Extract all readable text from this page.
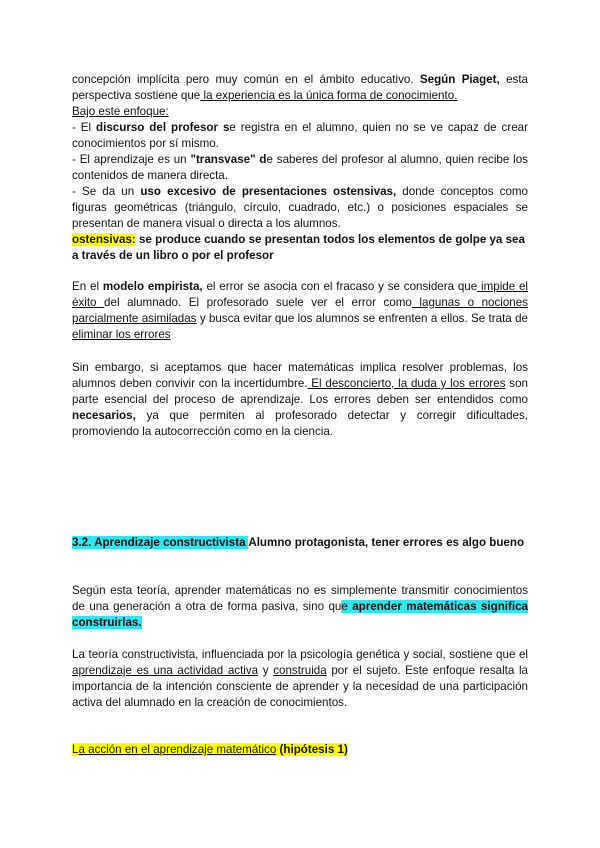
concepción implícita pero muy común en el ámbito educativo. Según Piaget, esta perspectiva sostiene que la experiencia es la única forma de conocimiento.

Bajo este enfoque:

- El discurso del profesor se registra en el alumno, quien no se ve capaz de crear conocimientos por sí mismo.

- El aprendizaje es un "transvase" de saberes del profesor al alumno, quien recibe los contenidos de manera directa.

- Se da un uso excesivo de presentaciones ostensivas, donde conceptos como figuras geométricas (triángulo, círculo, cuadrado, etc.) o posiciones espaciales se presentan de manera visual o directa a los alumnos.

ostensivas: se produce cuando se presentan todos los elementos de golpe ya sea a través de un libro o por el profesor

En el modelo empirista, el error se asocia con el fracaso y se considera que impide el éxito del alumnado. El profesorado suele ver el error como lagunas o nociones parcialmente asimiladas y busca evitar que los alumnos se enfrenten a ellos. Se trata de eliminar los errores

Sin embargo, si aceptamos que hacer matemáticas implica resolver problemas, los alumnos deben convivir con la incertidumbre. El desconcierto, la duda y los errores son parte esencial del proceso de aprendizaje. Los errores deben ser entendidos como necesarios, ya que permiten al profesorado detectar y corregir dificultades, promoviendo la autocorrección como en la ciencia.

3.2. Aprendizaje constructivista Alumno protagonista, tener errores es algo bueno

Según esta teoría, aprender matemáticas no es simplemente transmitir conocimientos de una generación a otra de forma pasiva, sino que aprender matemáticas significa construirlas.

La teoría constructivista, influenciada por la psicología genética y social, sostiene que el aprendizaje es una actividad activa y construida por el sujeto. Este enfoque resalta la importancia de la intención consciente de aprender y la necesidad de una participación activa del alumnado en la creación de conocimientos.

La acción en el aprendizaje matemático (hipótesis 1)
